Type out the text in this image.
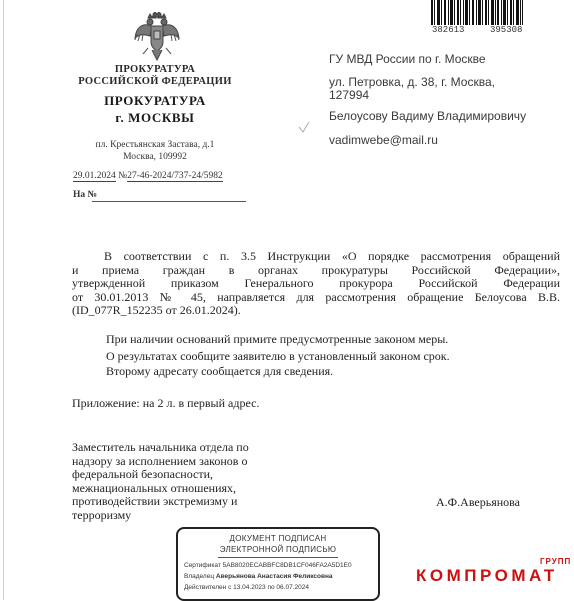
382613	395308
ПРОКУРАТУРА
РОССИЙСКОЙ ФЕДЕРАЦИИ
ПРОКУРАТУРА
г. МОСКВЫ
пл. Крестьянская Застава, д.1
Москва, 109992
29.01.2024 №27-46-2024/737-24/5982
На №
ГУ МВД России по г. Москве
ул. Петровка, д. 38, г. Москва,
127994
Белоусову Вадиму Владимировичу
vadimwebe@mail.ru
В соответствии с п. 3.5 Инструкции «О порядке рассмотрения обращений
и приема граждан в органах прокуратуры Российской Федерации»,
утвержденной приказом Генерального прокурора Российской Федерации
от 30.01.2013 № 45, направляется для рассмотрения обращение Белоусова В.В.
(ID_077R_152235 от 26.01.2024).
При наличии оснований примите предусмотренные законом меры.
О результатах сообщите заявителю в установленный законом срок.
Второму адресату сообщается для сведения.
Приложение: на 2 л. в первый адрес.
Заместитель начальника отдела по
надзору за исполнением законов о
федеральной безопасности,
межнациональных отношениях,
противодействии экстремизму и
терроризму
А.Ф.Аверьянова
ДОКУМЕНТ ПОДПИСАН
ЭЛЕКТРОННОЙ ПОДПИСЬЮ
Сертификат 5AB8020ECABBFC8DB1CF046FA2A5D1E0
Владелец Аверьянова Анастасия Феликсовна
Действителен с 13.04.2023 по 06.07.2024
ГРУПП
КОМПРОМАТ
